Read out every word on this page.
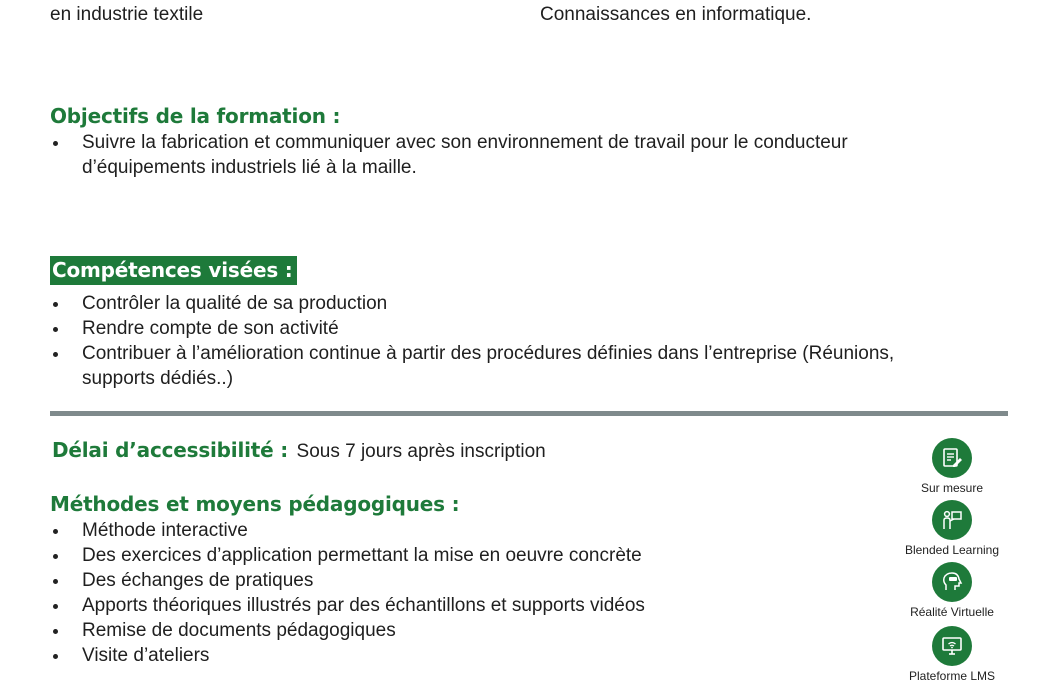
en industrie textile	Connaissances en informatique.
Objectifs de la formation :
Suivre la fabrication et communiquer avec son environnement de travail pour le conducteur
d’équipements industriels lié à la maille.
Compétences visées :
Contrôler la qualité de sa production
Rendre compte de son activité
Contribuer à l’amélioration continue à partir des procédures définies dans l’entreprise (Réunions,
supports dédiés..)
Délai d’accessibilité : Sous 7 jours après inscription
Méthodes et moyens pédagogiques :
Méthode interactive
Des exercices d’application permettant la mise en oeuvre concrète
Des échanges de pratiques
Apports théoriques illustrés par des échantillons et supports vidéos
Remise de documents pédagogiques
Visite d’ateliers
Sur mesure
Blended Learning
Réalité Virtuelle
Plateforme LMS
